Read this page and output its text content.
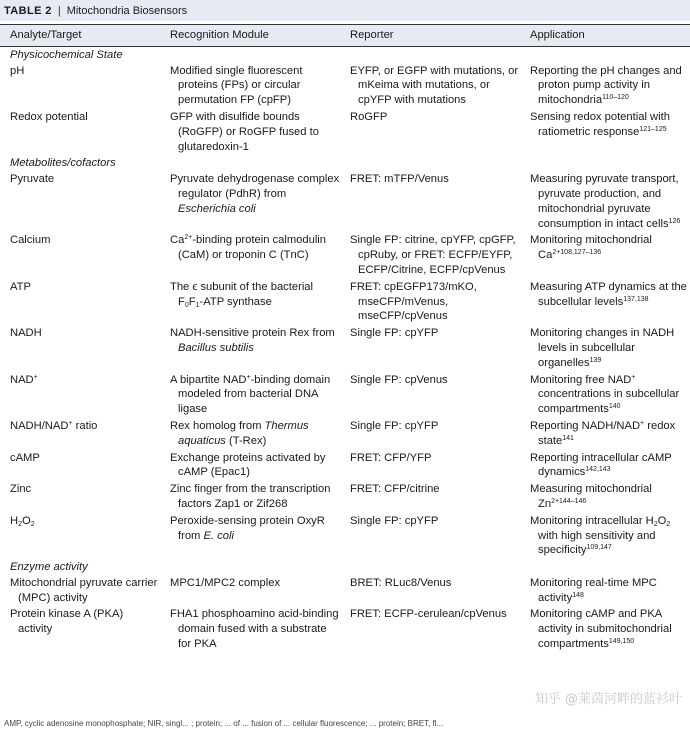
TABLE 2 | Mitochondria Biosensors
Analyte/Target	Recognition Module	Reporter	Application
Physicochemical State			
pH	Modified single fluorescent proteins (FPs) or circular permutation FP (cpFP)	EYFP, or EGFP with mutations, or mKeima with mutations, or cpYFP with mutations	Reporting the pH changes and proton pump activity in mitochondria$^{110-120}$

Redox potential	GFP with disulfide bounds (RoGFP) or RoGFP fused to glutaredoxin-1	RoGFP	Sensing redox potential with ratiometric response$^{121-125}$

Metabolites/cofactors			
Pyruvate	Pyruvate dehydrogenase complex regulator (PdhR) from Escherichia coli	FRET: mTFP/Venus	Measuring pyruvate transport, pyruvate production, and mitochondrial pyruvate consumption in intact cells$^{126}$

Calcium	$Ca^{2+}$-binding protein calmodulin (CaM) or troponin C (TnC)	Single FP: citrine, cpYFP, cpGFP, cpRuby, or FRET: ECFP/EYFP, ECFP/Citrine, ECFP/cpVenus	Monitoring mitochondrial $Ca^{2+108,127-136}$

ATP	The ϵ subunit of the bacterial $F_0F_1$-ATP synthase	FRET: cpEGFP173/mKO, mseCFP/mVenus, mseCFP/cpVenus	Measuring ATP dynamics at the subcellular levels$^{137,138}$

NADH	NADH-sensitive protein Rex from Bacillus subtilis	Single FP: cpYFP	Monitoring changes in NADH levels in subcellular organelles$^{139}$

NAD+	A bipartite NAD+-binding domain modeled from bacterial DNA ligase	Single FP: cpVenus	Monitoring free NAD+ concentrations in subcellular compartments$^{140}$

NADH/NAD+ ratio	Rex homolog from Thermus aquaticus (T-Rex)	Single FP: cpYFP	Reporting NADH/NAD+ redox state$^{141}$

cAMP	Exchange proteins activated by cAMP (Epac1)	FRET: CFP/YFP	Reporting intracellular cAMP dynamics$^{142,143}$

Zinc	Zinc finger from the transcription factors Zap1 or Zif268	FRET: CFP/citrine	Measuring mitochondrial $Zn^{2+144-146}$

$H_2O_2$	Peroxide-sensing protein OxyR from E. coli	Single FP: cpYFP	Monitoring intracellular $H_2O_2$ with high sensitivity and specificity$^{109,147}$

Enzyme activity			

Mitochondrial pyruvate carrier (MPC) activity	MPC1/MPC2 complex	BRET: RLuc8/Venus	Monitoring real-time MPC activity$^{148}$

Protein kinase A (PKA) activity	FHA1 phosphoamino acid-binding domain fused with a substrate for PKA	FRET: ECFP-cerulean/cpVenus	Monitoring cAMP and PKA activity in submitochondrial compartments$^{149,150}$
知乎 @莱茵河畔的蓝衫叶
AMP, cyclic adenosine monophosphate; NIR, singl... ; protein; ... of ... fusion of ... cellular fluorescence; ... protein; BRET, fl...
